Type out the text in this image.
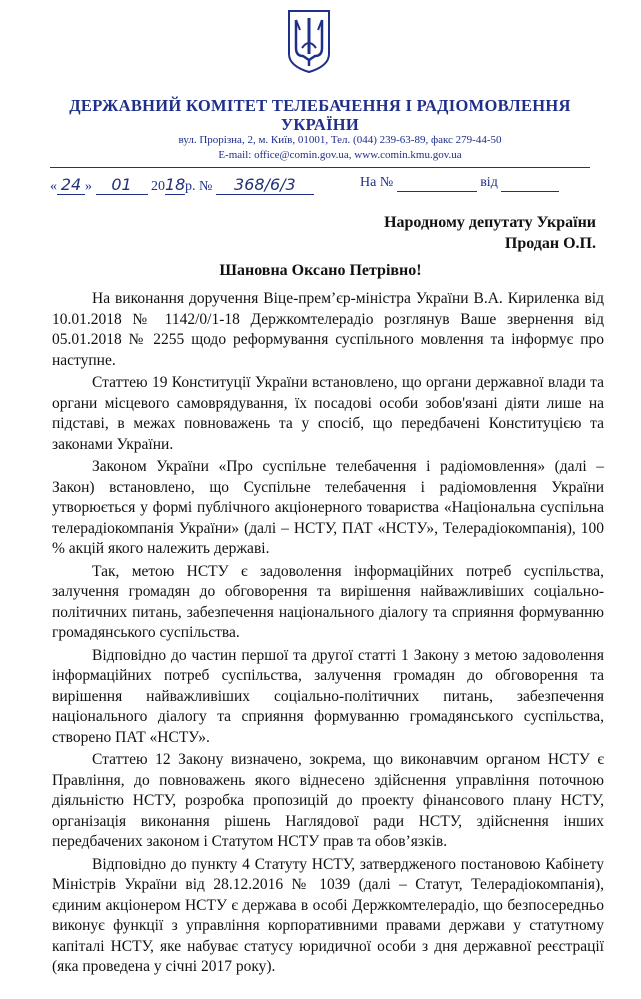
ДЕРЖАВНИЙ КОМІТЕТ ТЕЛЕБАЧЕННЯ І РАДІОМОВЛЕННЯ
УКРАЇНИ
вул. Прорізна, 2, м. Київ, 01001, Тел. (044) 239-63-89, факс 279-44-50
E-mail: office@comin.gov.ua, www.comin.kmu.gov.ua
« 24 » 01 2018р. № 368/6/3	На №	від
Народному депутату України
Продан О.П.
Шановна Оксано Петрівно!

На виконання доручення Віце-прем’єр-міністра України В.А. Кириленка від 10.01.2018 № 1142/0/1-18 Держкомтелерадіо розглянув Ваше звернення від 05.01.2018 № 2255 щодо реформування суспільного мовлення та інформує про наступне.

Статтею 19 Конституції України встановлено, що органи державної влади та органи місцевого самоврядування, їх посадові особи зобов'язані діяти лише на підставі, в межах повноважень та у спосіб, що передбачені Конституцією та законами України.

Законом України «Про суспільне телебачення і радіомовлення» (далі – Закон) встановлено, що Суспільне телебачення і радіомовлення України утворюється у формі публічного акціонерного товариства «Національна суспільна телерадіокомпанія України» (далі – НСТУ, ПАТ «НСТУ», Телерадіокомпанія), 100 % акцій якого належить державі.

Так, метою НСТУ є задоволення інформаційних потреб суспільства, залучення громадян до обговорення та вирішення найважливіших соціально-політичних питань, забезпечення національного діалогу та сприяння формуванню громадянського суспільства.

Відповідно до частин першої та другої статті 1 Закону з метою задоволення інформаційних потреб суспільства, залучення громадян до обговорення та вирішення найважливіших соціально-політичних питань, забезпечення національного діалогу та сприяння формуванню громадянського суспільства, створено ПАТ «НСТУ».

Статтею 12 Закону визначено, зокрема, що виконавчим органом НСТУ є Правління, до повноважень якого віднесено здійснення управління поточною діяльністю НСТУ, розробка пропозицій до проекту фінансового плану НСТУ, організація виконання рішень Наглядової ради НСТУ, здійснення інших передбачених законом і Статутом НСТУ прав та обов’язків.

Відповідно до пункту 4 Статуту НСТУ, затвердженого постановою Кабінету Міністрів України від 28.12.2016 № 1039 (далі – Статут, Телерадіокомпанія), єдиним акціонером НСТУ є держава в особі Держкомтелерадіо, що безпосередньо виконує функції з управління корпоративними правами держави у статутному капіталі НСТУ, яке набуває статусу юридичної особи з дня державної реєстрації (яка проведена у січні 2017 року).
